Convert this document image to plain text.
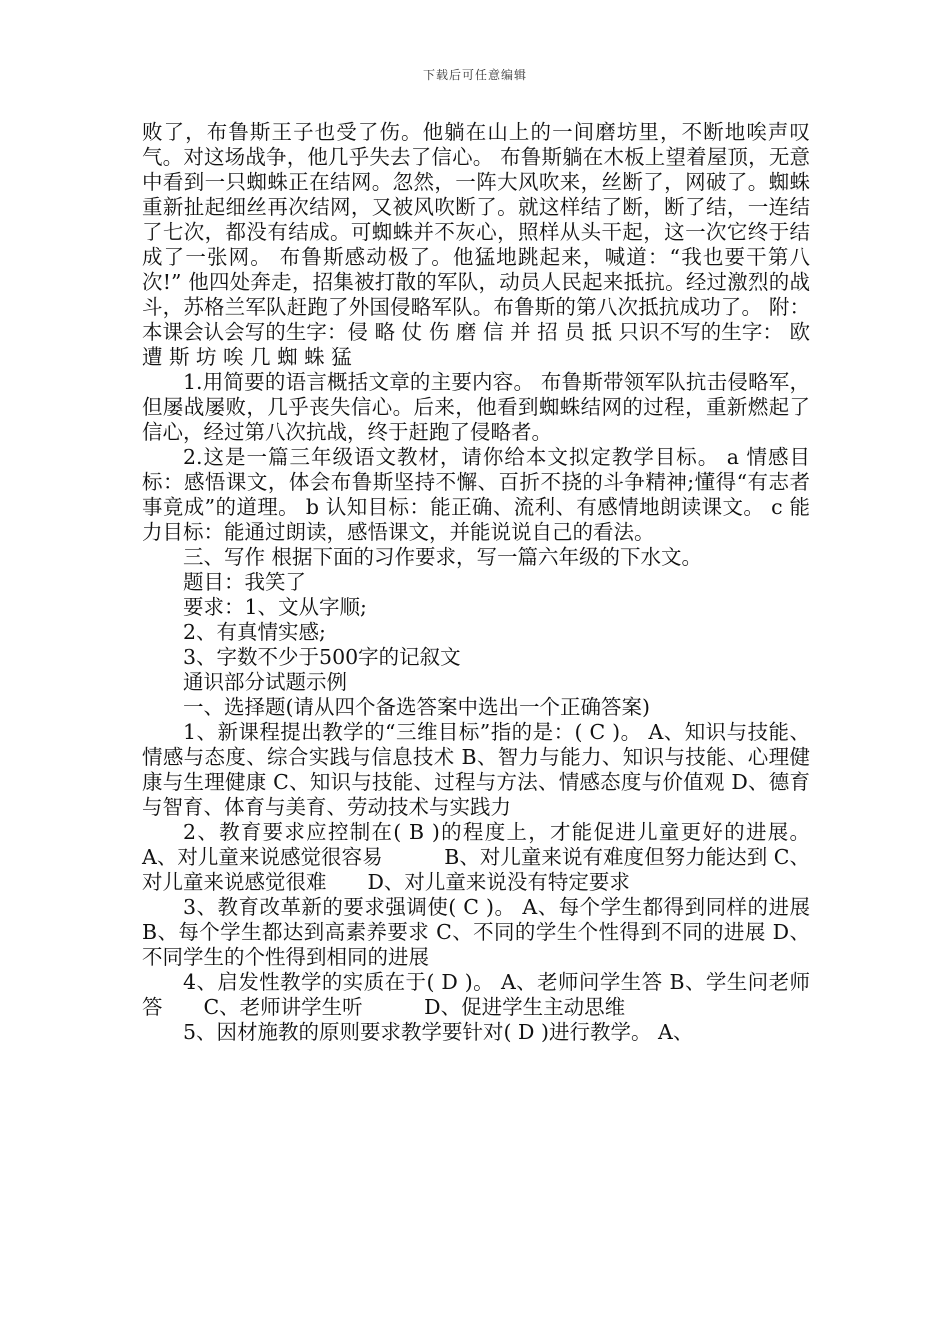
下载后可任意编辑

败了，布鲁斯王子也受了伤。他躺在山上的一间磨坊里，不断地唉声叹气。对这场战争，他几乎失去了信心。 布鲁斯躺在木板上望着屋顶，无意中看到一只蜘蛛正在结网。忽然，一阵大风吹来，丝断了，网破了。蜘蛛重新扯起细丝再次结网，又被风吹断了。就这样结了断，断了结，一连结了七次，都没有结成。可蜘蛛并不灰心，照样从头干起，这一次它终于结成了一张网。 布鲁斯感动极了。他猛地跳起来，喊道：“我也要干第八次!” 他四处奔走，招集被打散的军队，动员人民起来抵抗。经过激烈的战斗，苏格兰军队赶跑了外国侵略军队。布鲁斯的第八次抵抗成功了。 附：本课会认会写的生字：侵 略 仗 伤 磨 信 并 招 员 抵 只识不写的生字： 欧 遭 斯 坊 唉 几 蜘 蛛 猛

1.用简要的语言概括文章的主要内容。 布鲁斯带领军队抗击侵略军，但屡战屡败，几乎丧失信心。后来，他看到蜘蛛结网的过程，重新燃起了信心，经过第八次抗战，终于赶跑了侵略者。

2.这是一篇三年级语文教材，请你给本文拟定教学目标。 a 情感目标：感悟课文，体会布鲁斯坚持不懈、百折不挠的斗争精神;懂得“有志者事竟成”的道理。 b 认知目标：能正确、流利、有感情地朗读课文。 c 能力目标：能通过朗读，感悟课文，并能说说自己的看法。

三、写作 根据下面的习作要求，写一篇六年级的下水文。

题目：我笑了

要求：1、文从字顺;

2、有真情实感;

3、字数不少于500字的记叙文

通识部分试题示例

一、选择题(请从四个备选答案中选出一个正确答案)

1、新课程提出教学的“三维目标”指的是：( C )。 A、知识与技能、情感与态度、综合实践与信息技术 B、智力与能力、知识与技能、心理健康与生理健康 C、知识与技能、过程与方法、情感态度与价值观 D、德育与智育、体育与美育、劳动技术与实践力

2、教育要求应控制在( B )的程度上，才能促进儿童更好的进展。 A、对儿童来说感觉很容易　　　B、对儿童来说有难度但努力能达到 C、对儿童来说感觉很难　　D、对儿童来说没有特定要求

3、教育改革新的要求强调使( C )。 A、每个学生都得到同样的进展 B、每个学生都达到高素养要求 C、不同的学生个性得到不同的进展 D、不同学生的个性得到相同的进展

4、启发性教学的实质在于( D )。 A、老师问学生答 B、学生问老师答　　C、老师讲学生听　　　D、促进学生主动思维

5、因材施教的原则要求教学要针对( D )进行教学。 A、
